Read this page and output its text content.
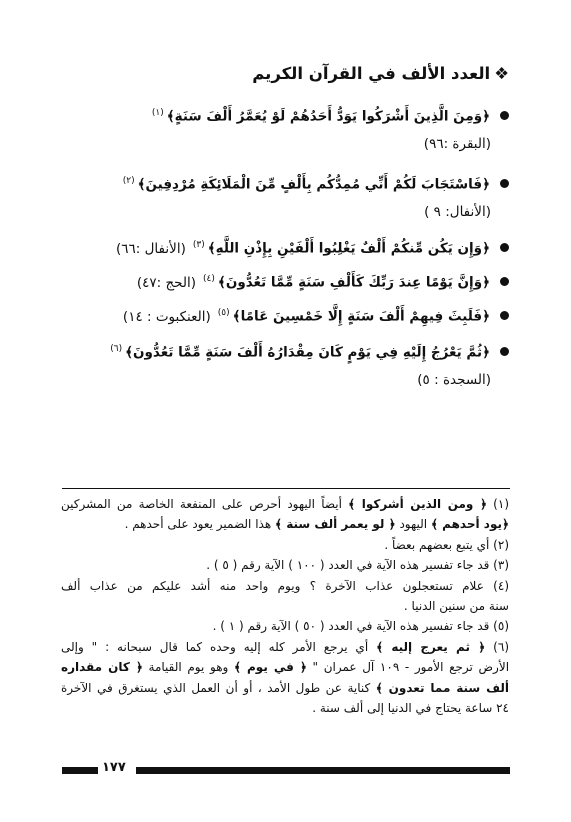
❖العدد الألف في القرآن الكريم
﴿وَمِنَ الَّذِينَ أَشْرَكُوا يَوَدُّ أَحَدُهُمْ لَوْ يُعَمَّرُ أَلْفَ سَنَةٍ﴾$^{(١)}$
(البقرة :٩٦)
﴿فَاسْتَجَابَ لَكُمْ أَنِّي مُمِدُّكُم بِأَلْفٍ مِّنَ الْمَلَائِكَةِ مُرْدِفِينَ﴾$^{(٢)}$
(الأنفال: ٩ )
﴿وَإِن يَكُن مِّنكُمْ أَلْفٌ يَغْلِبُوا أَلْفَيْنِ بِإِذْنِ اللَّهِ﴾$^{(٣)}$(الأنفال :٦٦)
﴿وَإِنَّ يَوْمًا عِندَ رَبِّكَ كَأَلْفِ سَنَةٍ مِّمَّا تَعُدُّونَ﴾$^{(٤)}$(الحج :٤٧)
﴿فَلَبِثَ فِيهِمْ أَلْفَ سَنَةٍ إِلَّا خَمْسِينَ عَامًا﴾$^{(٥)}$(العنكبوت : ١٤)
﴿ثُمَّ يَعْرُجُ إِلَيْهِ فِي يَوْمٍ كَانَ مِقْدَارُهُ أَلْفَ سَنَةٍ مِّمَّا تَعُدُّونَ﴾$^{(٦)}$
(السجدة : ٥)
(١) ﴿ ومن الذين أشركوا ﴾ أيضاً اليهود أحرص على المنفعة الخاصة من المشركين
﴿يود أحدهم ﴾ اليهود ﴿ لو يعمر ألف سنة ﴾ هذا الضمير يعود على أحدهم .
(٢) أي يتبع بعضهم بعضاً .
(٣) قد جاء تفسير هذه الآية في العدد ( ١٠٠ ) الآية رقم ( ٥ ) .
(٤) علام تستعجلون عذاب الآخرة ؟ ويوم واحد منه أشد عليكم من عذاب ألف
سنة من سنين الدنيا .
(٥) قد جاء تفسير هذه الآية في العدد ( ٥٠ ) الآية رقم ( ١ ) .
(٦) ﴿ ثم يعرج إليه ﴾ أي يرجع الأمر كله إليه وحده كما قال سبحانه : " وإلى
الأرض ترجع الأمور - ١٠٩ آل عمران " ﴿ في يوم ﴾ وهو يوم القيامة ﴿ كان مقداره
ألف سنة مما تعدون ﴾ كناية عن طول الأمد ، أو أن العمل الذي يستغرق في الآخرة
٢٤ ساعة يحتاج في الدنيا إلى ألف سنة .
١٧٧
